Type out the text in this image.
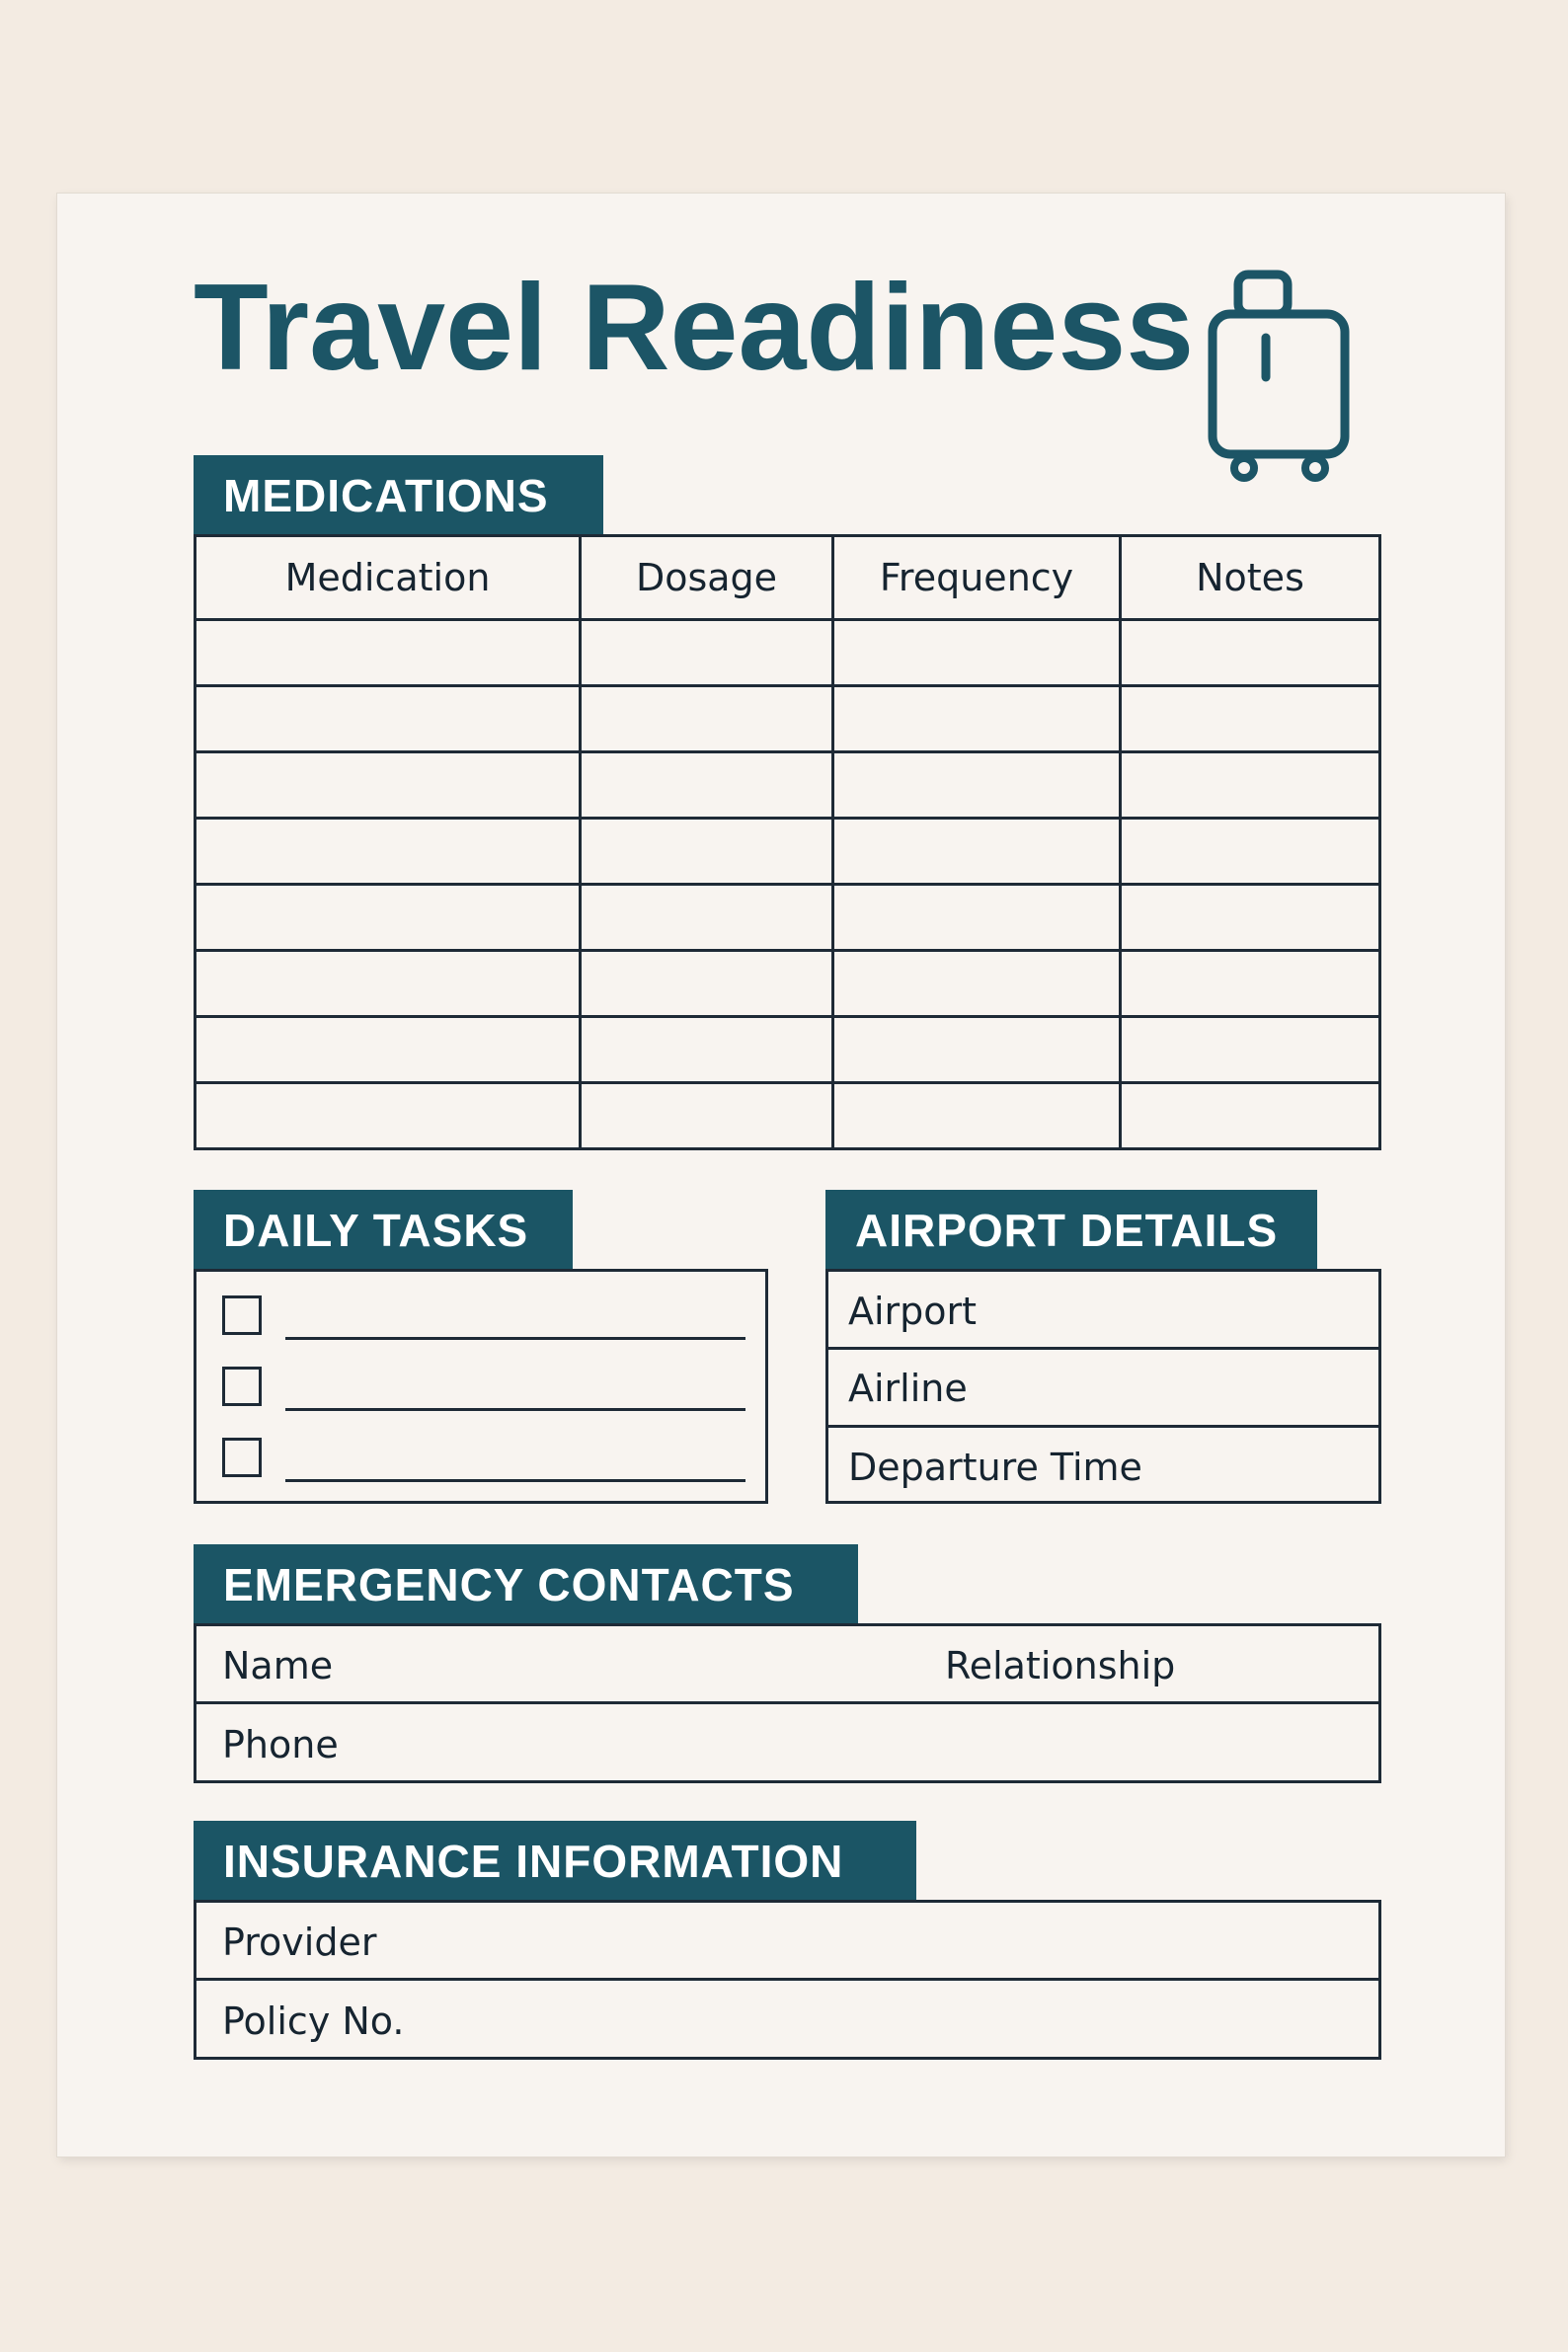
Travel Readiness
MEDICATIONS
Medication	Dosage	Frequency	Notes
DAILY TASKS	AIRPORT DETAILS
Airport
Airline
Departure Time
EMERGENCY CONTACTS
Name	Relationship
Phone
INSURANCE INFORMATION
Provider
Policy No.
